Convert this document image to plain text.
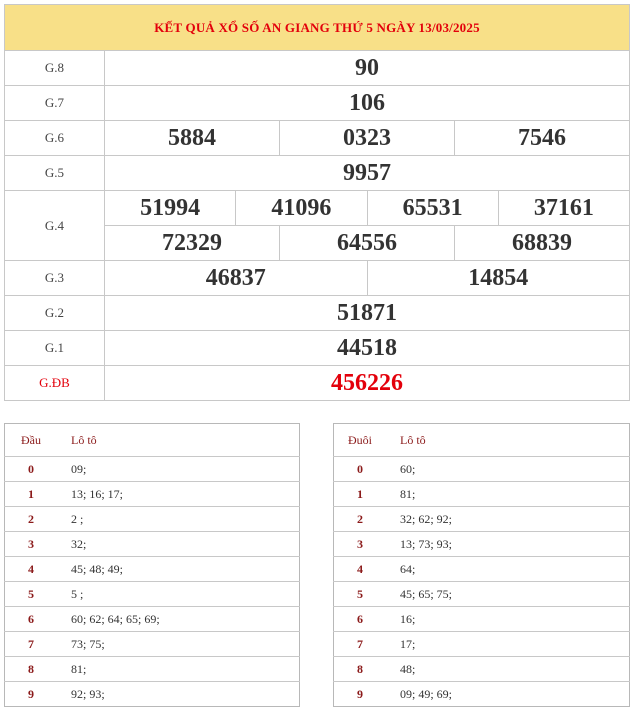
KẾT QUẢ XỔ SỐ AN GIANG THỨ 5 NGÀY 13/03/2025						
G.8	90					
G.7	106					
G.6	5884		0323		7546	
G.5	9957					
G.4	51994	41096		65531		37161
	72329		64556		68839	
G.3	46837			14854		
G.2	51871					
G.1	44518					
G.ĐB	456226					
Đầu	Lô tô
0	09;
1	13; 16; 17;
2	2 ;
3	32;
4	45; 48; 49;
5	5 ;
6	60; 62; 64; 65; 69;
7	73; 75;
8	81;
9	92; 93;
Đuôi	Lô tô
0	60;
1	81;
2	32; 62; 92;
3	13; 73; 93;
4	64;
5	45; 65; 75;
6	16;
7	17;
8	48;
9	09; 49; 69;
